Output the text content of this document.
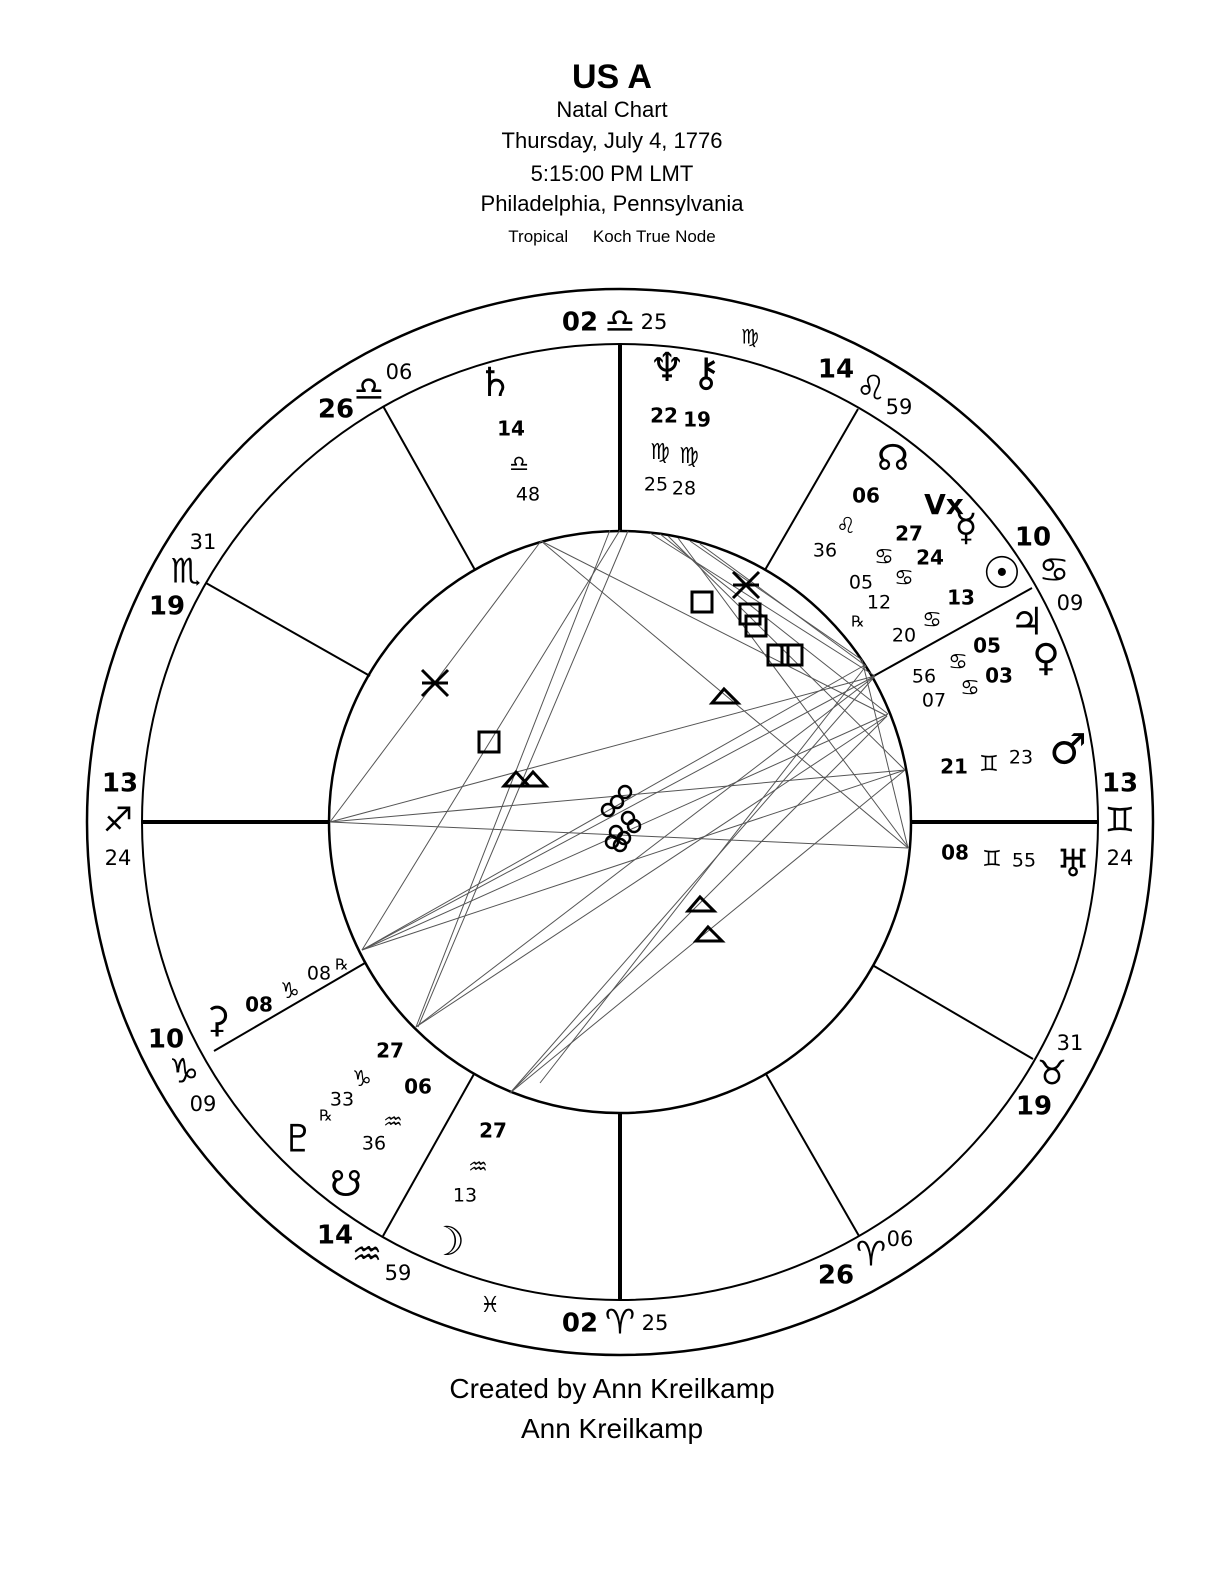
US A
Natal Chart
Thursday, July 4, 1776
5:15:00 PM LMT
Philadelphia, Pennsylvania
Tropical Koch True Node
13
♐
24
10
♑
09
14
♒ 59
02 ♈ 25
26
♈ 06
19
♉
31
13
♊
24
10
♋
09
14 ♌ 59
02 ♎ 25
26 ♎ 06
19
♏
31
♍
♓
♄
14
♎
48
♆
22
♍
25
⚷
19
♍
28
☊
06
♌
36
☿
24
♋
12
℞
Vx
27
♋
05 ☉
13
♋
20 ♃
05
♋
56	♀
03
♋
07
♂
21 ♊ 23
♅
08 ♊ 55
⚳ 08
♑
08 ℞
♇
27
♑
33
℞
☋
06
♒
36
☽
27
♒
13
Created by Ann Kreilkamp
Ann Kreilkamp
